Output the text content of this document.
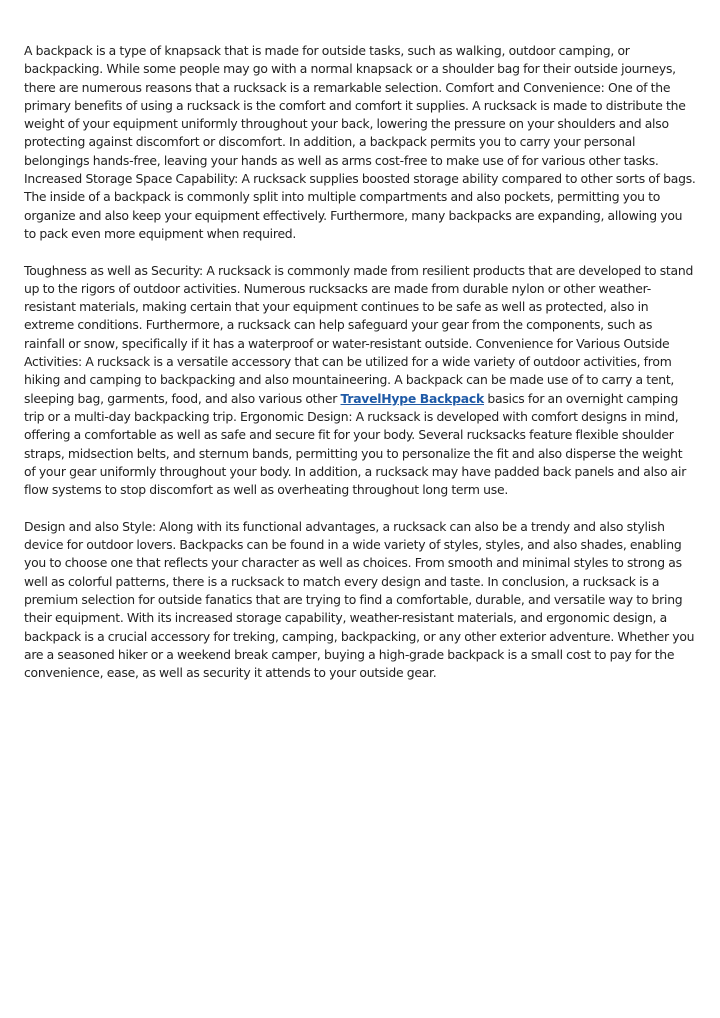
A backpack is a type of knapsack that is made for outside tasks, such as walking, outdoor camping, or backpacking. While some people may go with a normal knapsack or a shoulder bag for their outside journeys, there are numerous reasons that a rucksack is a remarkable selection. Comfort and Convenience: One of the primary benefits of using a rucksack is the comfort and comfort it supplies. A rucksack is made to distribute the weight of your equipment uniformly throughout your back, lowering the pressure on your shoulders and also protecting against discomfort or discomfort. In addition, a backpack permits you to carry your personal belongings hands-free, leaving your hands as well as arms cost-free to make use of for various other tasks. Increased Storage Space Capability: A rucksack supplies boosted storage ability compared to other sorts of bags. The inside of a backpack is commonly split into multiple compartments and also pockets, permitting you to organize and also keep your equipment effectively. Furthermore, many backpacks are expanding, allowing you to pack even more equipment when required.

Toughness as well as Security: A rucksack is commonly made from resilient products that are developed to stand up to the rigors of outdoor activities. Numerous rucksacks are made from durable nylon or other weather-resistant materials, making certain that your equipment continues to be safe as well as protected, also in extreme conditions. Furthermore, a rucksack can help safeguard your gear from the components, such as rainfall or snow, specifically if it has a waterproof or water-resistant outside. Convenience for Various Outside Activities: A rucksack is a versatile accessory that can be utilized for a wide variety of outdoor activities, from hiking and camping to backpacking and also mountaineering. A backpack can be made use of to carry a tent, sleeping bag, garments, food, and also various other TravelHype Backpack basics for an overnight camping trip or a multi-day backpacking trip. Ergonomic Design: A rucksack is developed with comfort designs in mind, offering a comfortable as well as safe and secure fit for your body. Several rucksacks feature flexible shoulder straps, midsection belts, and sternum bands, permitting you to personalize the fit and also disperse the weight of your gear uniformly throughout your body. In addition, a rucksack may have padded back panels and also air flow systems to stop discomfort as well as overheating throughout long term use.

Design and also Style: Along with its functional advantages, a rucksack can also be a trendy and also stylish device for outdoor lovers. Backpacks can be found in a wide variety of styles, styles, and also shades, enabling you to choose one that reflects your character as well as choices. From smooth and minimal styles to strong as well as colorful patterns, there is a rucksack to match every design and taste. In conclusion, a rucksack is a premium selection for outside fanatics that are trying to find a comfortable, durable, and versatile way to bring their equipment. With its increased storage capability, weather-resistant materials, and ergonomic design, a backpack is a crucial accessory for treking, camping, backpacking, or any other exterior adventure. Whether you are a seasoned hiker or a weekend break camper, buying a high-grade backpack is a small cost to pay for the convenience, ease, as well as security it attends to your outside gear.
